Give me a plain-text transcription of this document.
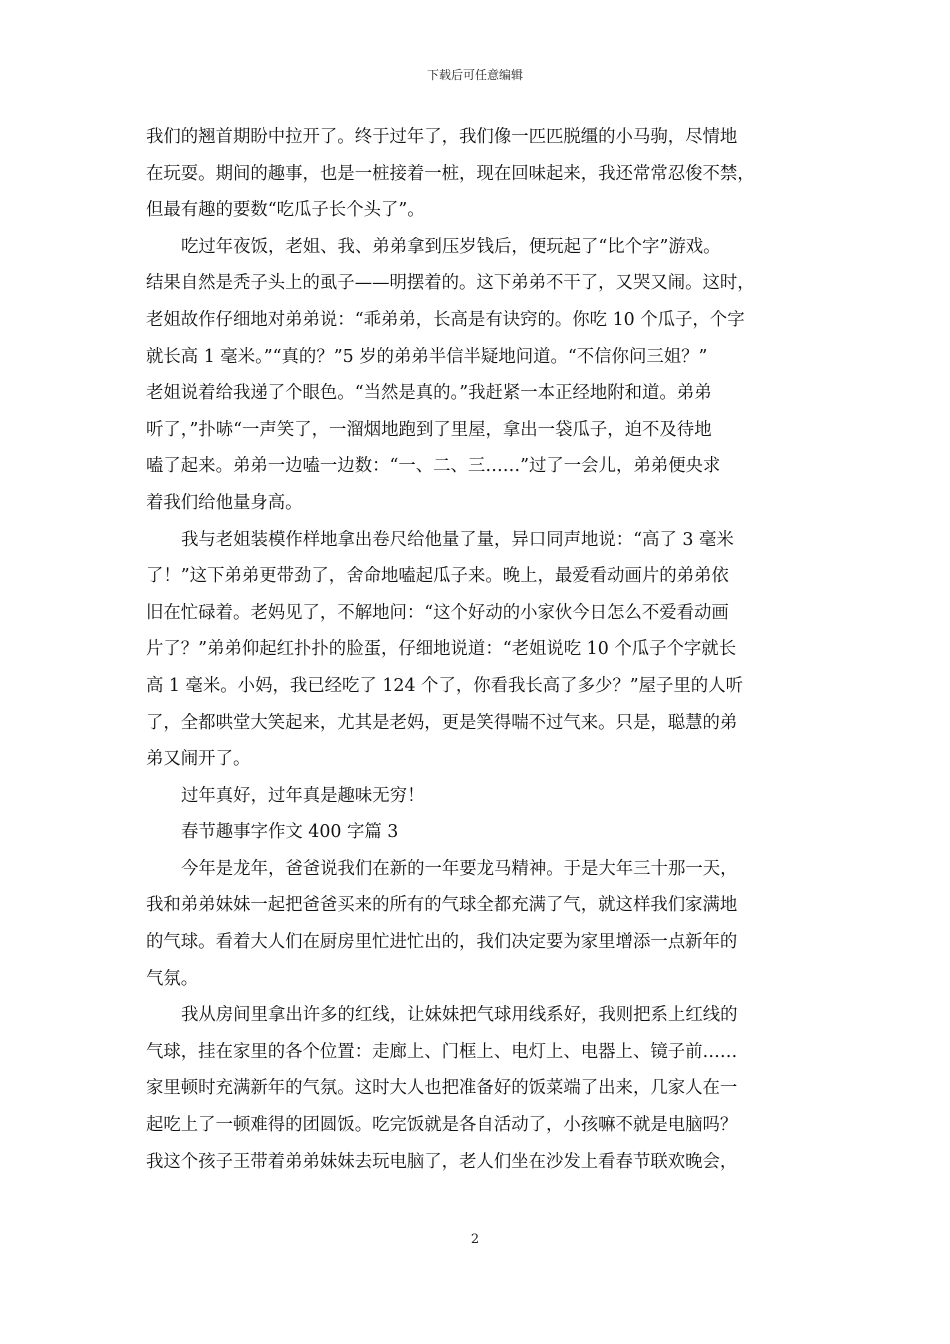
下载后可任意编辑
我们的翘首期盼中拉开了。终于过年了，我们像一匹匹脱缰的小马驹，尽情地
在玩耍。期间的趣事，也是一桩接着一桩，现在回味起来，我还常常忍俊不禁，
但最有趣的要数“吃瓜子长个头了”。
吃过年夜饭，老姐、我、弟弟拿到压岁钱后，便玩起了“比个字”游戏。
结果自然是秃子头上的虱子——明摆着的。这下弟弟不干了，又哭又闹。这时，
老姐故作仔细地对弟弟说：“乖弟弟，长高是有诀窍的。你吃 10 个瓜子，个字
就长高 1 毫米。”“真的？”5 岁的弟弟半信半疑地问道。“不信你问三姐？”
老姐说着给我递了个眼色。“当然是真的。”我赶紧一本正经地附和道。弟弟
听了，”扑哧“一声笑了，一溜烟地跑到了里屋，拿出一袋瓜子，迫不及待地
嗑了起来。弟弟一边嗑一边数：“一、二、三……”过了一会儿，弟弟便央求
着我们给他量身高。
我与老姐装模作样地拿出卷尺给他量了量，异口同声地说：“高了 3 毫米
了！”这下弟弟更带劲了，舍命地嗑起瓜子来。晚上，最爱看动画片的弟弟依
旧在忙碌着。老妈见了，不解地问：“这个好动的小家伙今日怎么不爱看动画
片了？”弟弟仰起红扑扑的脸蛋，仔细地说道：“老姐说吃 10 个瓜子个字就长
高 1 毫米。小妈，我已经吃了 124 个了，你看我长高了多少？”屋子里的人听
了，全都哄堂大笑起来，尤其是老妈，更是笑得喘不过气来。只是，聪慧的弟
弟又闹开了。
过年真好，过年真是趣味无穷！
春节趣事字作文 400 字篇 3
今年是龙年，爸爸说我们在新的一年要龙马精神。于是大年三十那一天，
我和弟弟妹妹一起把爸爸买来的所有的气球全都充满了气，就这样我们家满地
的气球。看着大人们在厨房里忙进忙出的，我们决定要为家里增添一点新年的
气氛。
我从房间里拿出许多的红线，让妹妹把气球用线系好，我则把系上红线的
气球，挂在家里的各个位置：走廊上、门框上、电灯上、电器上、镜子前……
家里顿时充满新年的气氛。这时大人也把准备好的饭菜端了出来，几家人在一
起吃上了一顿难得的团圆饭。吃完饭就是各自活动了，小孩嘛不就是电脑吗？
我这个孩子王带着弟弟妹妹去玩电脑了，老人们坐在沙发上看春节联欢晚会，
2
